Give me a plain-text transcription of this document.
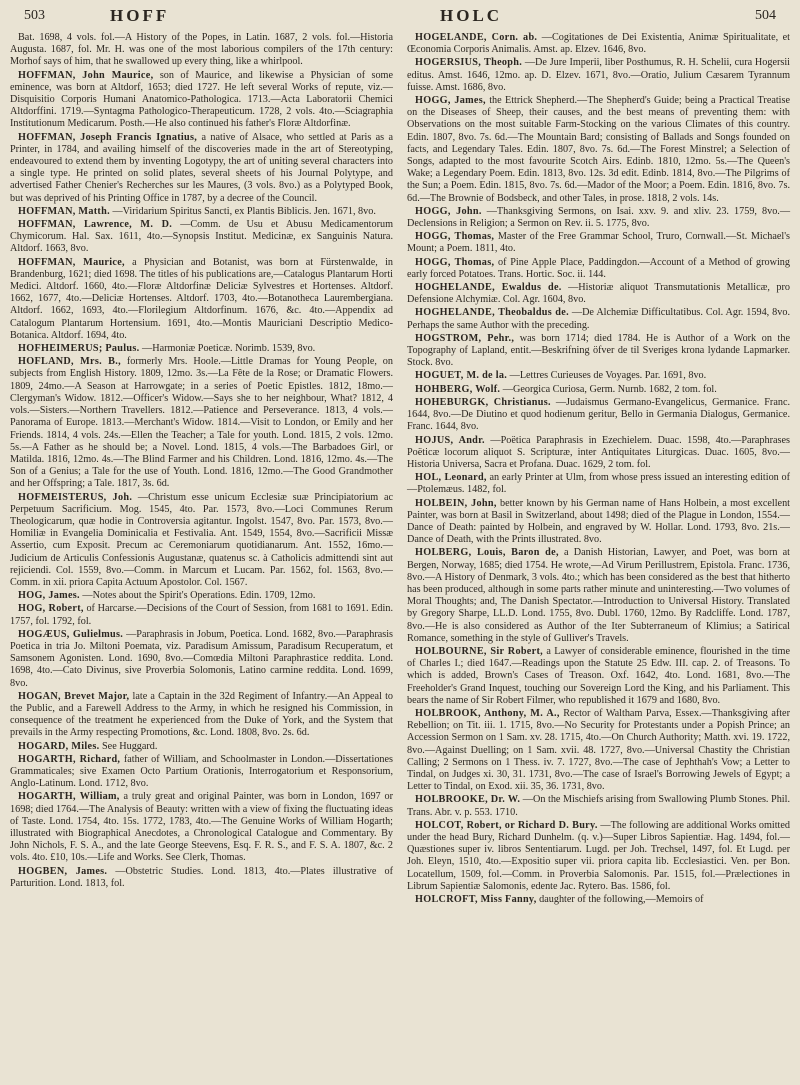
503	HOFF	HOLC	504

Bat. 1698, 4 vols. fol.—A History of the Popes, in Latin. 1687, 2 vols. fol.—Historia Augusta. 1687, fol. Mr. H. was one of the most laborious compilers of the 17th century: Morhof says of him, that he swallowed up every thing, like a whirlpool.

HOFFMAN, John Maurice, son of Maurice, and likewise a Physician of some eminence, was born at Altdorf, 1653; died 1727. He left several Works of repute, viz.—Disquisitio Corporis Humani Anatomico-Pathologica. 1713.—Acta Laboratorii Chemici Altdorffini. 1719.—Syntagma Pathologico-Therapeuticum. 1728, 2 vols. 4to.—Sciagraphia Institutionum Medicarum. Posth.—He also continued his father's Floræ Altdorfinæ.

HOFFMAN, Joseph Francis Ignatius, a native of Alsace, who settled at Paris as a Printer, in 1784, and availing himself of the discoveries made in the art of Stereotyping, endeavoured to extend them by inventing Logotypy, the art of uniting several characters into a single type. He printed on solid plates, several sheets of his Journal Polytype, and advertised Father Chenier's Recherches sur les Maures, (3 vols. 8vo.) as a Polytyped Book, but was deprived of his Printing Office in 1787, by a decree of the Council.

HOFFMAN, Matth. —Viridarium Spiritus Sancti, ex Plantis Biblicis. Jen. 1671, 8vo.

HOFFMAN, Lawrence, M. D. —Comm. de Usu et Abusu Medicamentorum Chymicorum. Hal. Sax. 1611, 4to.—Synopsis Institut. Medicinæ, ex Sanguinis Natura. Altdorf. 1663, 8vo.

HOFFMAN, Maurice, a Physician and Botanist, was born at Fürstenwalde, in Brandenburg, 1621; died 1698. The titles of his publications are,—Catalogus Plantarum Horti Medici. Altdorf. 1660, 4to.—Floræ Altdorfinæ Deliciæ Sylvestres et Hortenses. Altdorf. 1662, 1677, 4to.—Deliciæ Hortenses. Altdorf. 1703, 4to.—Botanotheca Laurembergiana. Altdorf. 1662, 1693, 4to.—Florilegium Altdorfinum. 1676, &c. 4to.—Appendix ad Catalogum Plantarum Hortensium. 1691, 4to.—Montis Mauriciani Descriptio Medico-Botanica. Altdorf. 1694, 4to.

HOFHEIMERUS; Paulus. —Harmoniæ Poeticæ. Norimb. 1539, 8vo.

HOFLAND, Mrs. B., formerly Mrs. Hoole.—Little Dramas for Young People, on subjects from English History. 1809, 12mo. 3s.—La Fête de la Rose; or Dramatic Flowers. 1809, 24mo.—A Season at Harrowgate; in a series of Poetic Epistles. 1812, 18mo.—Clergyman's Widow. 1812.—Officer's Widow.—Says she to her neighbour, What? 1812, 4 vols.—Sisters.—Northern Travellers. 1812.—Patience and Perseverance. 1813, 4 vols.—Panorama of Europe. 1813.—Merchant's Widow. 1814.—Visit to London, or Emily and her Friends. 1814, 4 vols. 24s.—Ellen the Teacher; a Tale for youth. Lond. 1815, 2 vols. 12mo. 5s.—A Father as he should be; a Novel. Lond. 1815, 4 vols.—The Barbadoes Girl, or Matilda. 1816, 12mo. 4s.—The Blind Farmer and his Children. Lond. 1816, 12mo. 4s.—The Son of a Genius; a Tale for the use of Youth. Lond. 1816, 12mo.—The Good Grandmother and her Offspring; a Tale. 1817, 3s. 6d.

HOFMEISTERUS, Joh. —Christum esse unicum Ecclesiæ suæ Principiatorium ac Perpetuum Sacrificium. Mog. 1545, 4to. Par. 1573, 8vo.—Loci Communes Rerum Theologicarum, quæ hodie in Controversia agitantur. Ingolst. 1547, 8vo. Par. 1573, 8vo.—Homiliæ in Evangelia Dominicalia et Festivalia. Ant. 1549, 1554, 8vo.—Sacrificii Missæ Assertio, cum Exposit. Precum ac Ceremoniarum quotidianarum. Ant. 1552, 16mo.—Judicium de Articulis Confessionis Augustanæ, quatenus sc. à Catholicis admittendi sint aut rejiciendi. Col. 1559, 8vo.—Comm. in Marcum et Lucam. Par. 1562, fol. 1563, 8vo.—Comm. in xii. priora Capita Actuum Apostolor. Col. 1567.

HOG, James. —Notes about the Spirit's Operations. Edin. 1709, 12mo.

HOG, Robert, of Harcarse.—Decisions of the Court of Session, from 1681 to 1691. Edin. 1757, fol. 1792, fol.

HOGÆUS, Gulielmus. —Paraphrasis in Jobum, Poetica. Lond. 1682, 8vo.—Paraphrasis Poetica in tria Jo. Miltoni Poemata, viz. Paradisum Amissum, Paradisum Recuperatum, et Samsonem Agonisten. Lond. 1690, 8vo.—Comœdia Miltoni Paraphrastice reddita. Lond. 1698, 4to.—Cato Divinus, sive Proverbia Solomonis, Latino carmine reddita. Lond. 1699, 8vo.

HOGAN, Brevet Major, late a Captain in the 32d Regiment of Infantry.—An Appeal to the Public, and a Farewell Address to the Army, in which he resigned his Commission, in consequence of the treatment he experienced from the Duke of York, and the System that prevails in the Army respecting Promotions, &c. Lond. 1808, 8vo. 2s. 6d.

HOGARD, Miles. See Huggard.

HOGARTH, Richard, father of William, and Schoolmaster in London.—Dissertationes Grammaticales; sive Examen Octo Partium Orationis, Interrogatorium et Responsorium, Anglo-Latinum. Lond. 1712, 8vo.

HOGARTH, William, a truly great and original Painter, was born in London, 1697 or 1698; died 1764.—The Analysis of Beauty: written with a view of fixing the fluctuating ideas of Taste. Lond. 1754, 4to. 15s. 1772, 1783, 4to.—The Genuine Works of William Hogarth; illustrated with Biographical Anecdotes, a Chronological Catalogue and Commentary. By John Nichols, F. S. A., and the late George Steevens, Esq. F. R. S., and F. S. A. 1807, &c. 2 vols. 4to. £10, 10s.—Life and Works. See Clerk, Thomas.

HOGBEN, James. —Obstetric Studies. Lond. 1813, 4to.—Plates illustrative of Parturition. Lond. 1813, fol.

HOGELANDE, Corn. ab. —Cogitationes de Dei Existentia, Animæ Spiritualitate, et Œconomia Corporis Animalis. Amst. ap. Elzev. 1646, 8vo.

HOGERSIUS, Theoph. —De Jure Imperii, liber Posthumus, R. H. Schelii, cura Hogersii editus. Amst. 1646, 12mo. ap. D. Elzev. 1671, 8vo.—Oratio, Julium Cæsarem Tyrannum fuisse. Amst. 1686, 8vo.

HOGG, James, the Ettrick Shepherd.—The Shepherd's Guide; being a Practical Treatise on the Diseases of Sheep, their causes, and the best means of preventing them: with Observations on the most suitable Farm-Stocking on the various Climates of this country. Edin. 1807, 8vo. 7s. 6d.—The Mountain Bard; consisting of Ballads and Songs founded on facts, and Legendary Tales. Edin. 1807, 8vo. 7s. 6d.—The Forest Minstrel; a Selection of Songs, adapted to the most favourite Scotch Airs. Edinb. 1810, 12mo. 5s.—The Queen's Wake; a Legendary Poem. Edin. 1813, 8vo. 12s. 3d edit. Edinb. 1814, 8vo.—The Pilgrims of the Sun; a Poem. Edin. 1815, 8vo. 7s. 6d.—Mador of the Moor; a Poem. Edin. 1816, 8vo. 7s. 6d.—The Brownie of Bodsbeck, and other Tales, in prose. 1818, 2 vols. 14s.

HOGG, John. —Thanksgiving Sermons, on Isai. xxv. 9. and xliv. 23. 1759, 8vo.—Declensions in Religion; a Sermon on Rev. ii. 5. 1775, 8vo.

HOGG, Thomas, Master of the Free Grammar School, Truro, Cornwall.—St. Michael's Mount; a Poem. 1811, 4to.

HOGG, Thomas, of Pine Apple Place, Paddingdon.—Account of a Method of growing early forced Potatoes. Trans. Hortic. Soc. ii. 144.

HOGHELANDE, Ewaldus de. —Historiæ aliquot Transmutationis Metallicæ, pro Defensione Alchymiæ. Col. Agr. 1604, 8vo.

HOGHELANDE, Theobaldus de. —De Alchemiæ Difficultatibus. Col. Agr. 1594, 8vo. Perhaps the same Author with the preceding.

HOGSTROM, Pehr., was born 1714; died 1784. He is Author of a Work on the Topography of Lapland, entit.—Beskrifning öfver de til Sveriges krona lydande Lapmarker. Stock. 8vo.

HOGUET, M. de la. —Lettres Curieuses de Voyages. Par. 1691, 8vo.

HOHBERG, Wolf. —Georgica Curiosa, Germ. Nurnb. 1682, 2 tom. fol.

HOHEBURGK, Christianus. —Judaismus Germano-Evangelicus, Germanice. Franc. 1644, 8vo.—De Diutino et quod hodienum geritur, Bello in Germania Dialogus, Germanice. Franc. 1644, 8vo.

HOJUS, Andr. —Poëtica Paraphrasis in Ezechielem. Duac. 1598, 4to.—Paraphrases Poëticæ locorum aliquot S. Scripturæ, inter Antiquitates Liturgicas. Duac. 1605, 8vo.—Historia Universa, Sacra et Profana. Duac. 1629, 2 tom. fol.

HOL, Leonard, an early Printer at Ulm, from whose press issued an interesting edition of—Ptolemæus. 1482, fol.

HOLBEIN, John, better known by his German name of Hans Holbein, a most excellent Painter, was born at Basil in Switzerland, about 1498; died of the Plague in London, 1554.—Dance of Death: painted by Holbein, and engraved by W. Hollar. Lond. 1793, 8vo. 21s.—Dance of Death, with the Prints illustrated. 8vo.

HOLBERG, Louis, Baron de, a Danish Historian, Lawyer, and Poet, was born at Bergen, Norway, 1685; died 1754. He wrote,—Ad Virum Perillustrem, Epistola. Franc. 1736, 8vo.—A History of Denmark, 3 vols. 4to.; which has been considered as the best that hitherto has been produced, although in some parts rather minute and uninteresting.—Two volumes of Moral Thoughts; and, The Danish Spectator.—Introduction to Universal History. Translated by Gregory Sharpe, LL.D. Lond. 1755, 8vo. Dubl. 1760, 12mo. By Radcliffe. Lond. 1787, 8vo.—He is also considered as Author of the Iter Subterraneum of Klimius; a Satirical Romance, something in the style of Gulliver's Travels.

HOLBOURNE, Sir Robert, a Lawyer of considerable eminence, flourished in the time of Charles I.; died 1647.—Readings upon the Statute 25 Edw. III. cap. 2. of Treasons. To which is added, Brown's Cases of Treason. Oxf. 1642, 4to. Lond. 1681, 8vo.—The Freeholder's Grand Inquest, touching our Sovereign Lord the King, and his Parliament. This bears the name of Sir Robert Filmer, who republished it 1679 and 1680, 8vo.

HOLBROOK, Anthony, M. A., Rector of Waltham Parva, Essex.—Thanksgiving after Rebellion; on Tit. iii. 1. 1715, 8vo.—No Security for Protestants under a Popish Prince; an Accession Sermon on 1 Sam. xv. 28. 1715, 4to.—On Church Authority; Matth. xvi. 19. 1722, 8vo.—Against Duelling; on 1 Sam. xvii. 48. 1727, 8vo.—Universal Chastity the Christian Calling; 2 Sermons on 1 Thess. iv. 7. 1727, 8vo.—The case of Jephthah's Vow; a Letter to Tindal, on Judges xi. 30, 31. 1731, 8vo.—The case of Israel's Borrowing Jewels of Egypt; a Letter to Tindal, on Exod. xii. 35, 36. 1731, 8vo.

HOLBROOKE, Dr. W. —On the Mischiefs arising from Swallowing Plumb Stones. Phil. Trans. Abr. v. p. 553. 1710.

HOLCOT, Robert, or Richard D. Bury. —The following are additional Works omitted under the head Bury, Richard Dunhelm. (q. v.)—Super Libros Sapientiæ. Hag. 1494, fol.—Quæstiones super iv. libros Sententiarum. Lugd. per Joh. Trechsel, 1497, fol. Et Lugd. per Joh. Eleyn, 1510, 4to.—Expositio super vii. priora capita lib. Ecclesiastici. Ven. per Bon. Locatellum, 1509, fol.—Comm. in Proverbia Salomonis. Par. 1515, fol.—Prælectiones in Librum Sapientiæ Salomonis, edente Jac. Rytero. Bas. 1586, fol.

HOLCROFT, Miss Fanny, daughter of the following,—Memoirs of
